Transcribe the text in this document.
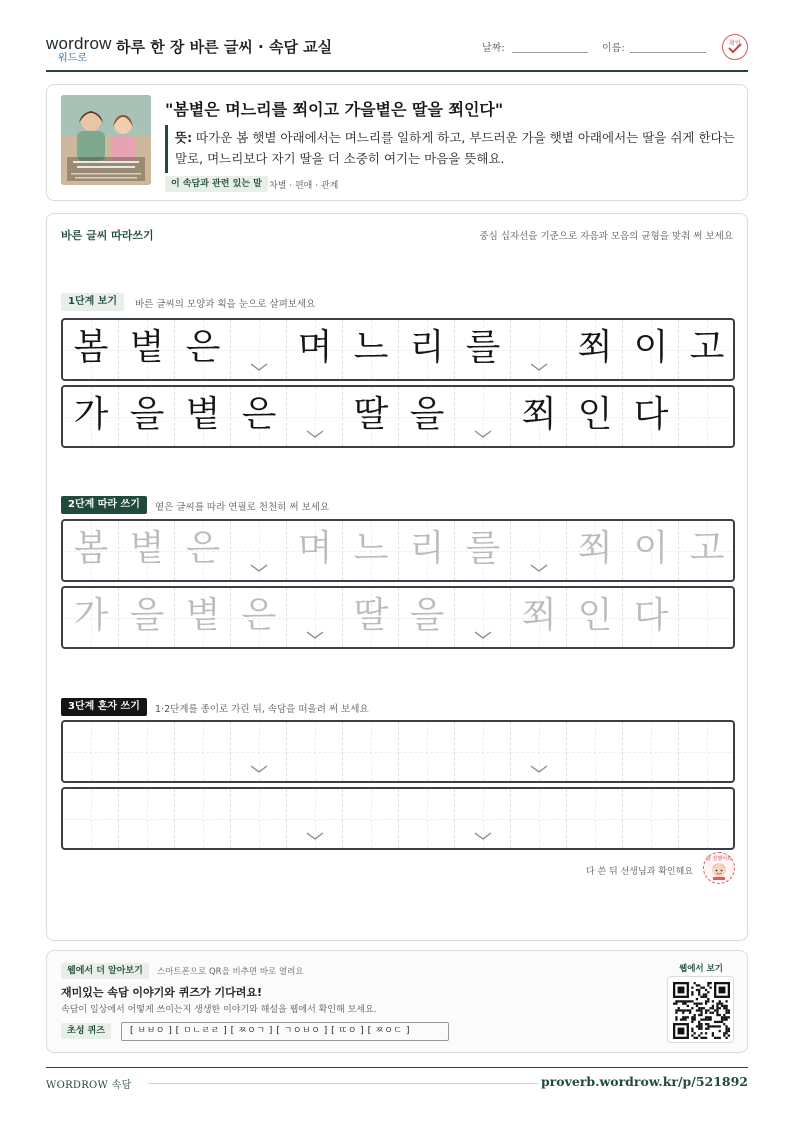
wordrow
워드로
하루 한 장 바른 글씨 · 속담 교실	날짜:	이름:	확인
"봄볕은 며느리를 쬐이고 가을볕은 딸을 쬐인다"
뜻: 따가운 봄 햇볕 아래에서는 며느리를 일하게 하고, 부드러운 가을 햇볕 아래에서는 딸을 쉬게 한다는 말로, 며느리보다 자기 딸을 더 소중히 여기는 마음을 뜻해요.
이 속담과 관련 있는 말 차별 · 편애 · 관계
바른 글씨 따라쓰기	중심 십자선을 기준으로 자음과 모음의 균형을 맞춰 써 보세요
1단계 보기	바른 글씨의 모양과 획을 눈으로 살펴보세요
봄 볕 은 며 느 리 를 쬐 이 고
가 을 볕 은 딸 을 쬐 인 다
2단계 따라 쓰기	옅은 글씨를 따라 연필로 천천히 써 보세요
봄 볕 은 며 느 리 를 쬐 이 고
가 을 볕 은 딸 을 쬐 인 다
3단계 혼자 쓰기	1·2단계를 종이로 가린 뒤, 속담을 떠올려 써 보세요
다 쓴 뒤 선생님과 확인해요
참 잘했어요
웹에서 더 알아보기	스마트폰으로 QR을 비추면 바로 열려요
재미있는 속담 이야기와 퀴즈가 기다려요!
속담이 일상에서 어떻게 쓰이는지 생생한 이야기와 해설을 웹에서 확인해 보세요.
초성 퀴즈	[ ㅂㅂㅇ ] [ ㅁㄴㄹㄹ ] [ ㅉㅇㄱ ] [ ㄱㅇㅂㅇ ] [ ㄸㅇ ] [ ㅉㅇㄷ ]
웹에서 보기
WORDROW 속담	proverb.wordrow.kr/p/521892
